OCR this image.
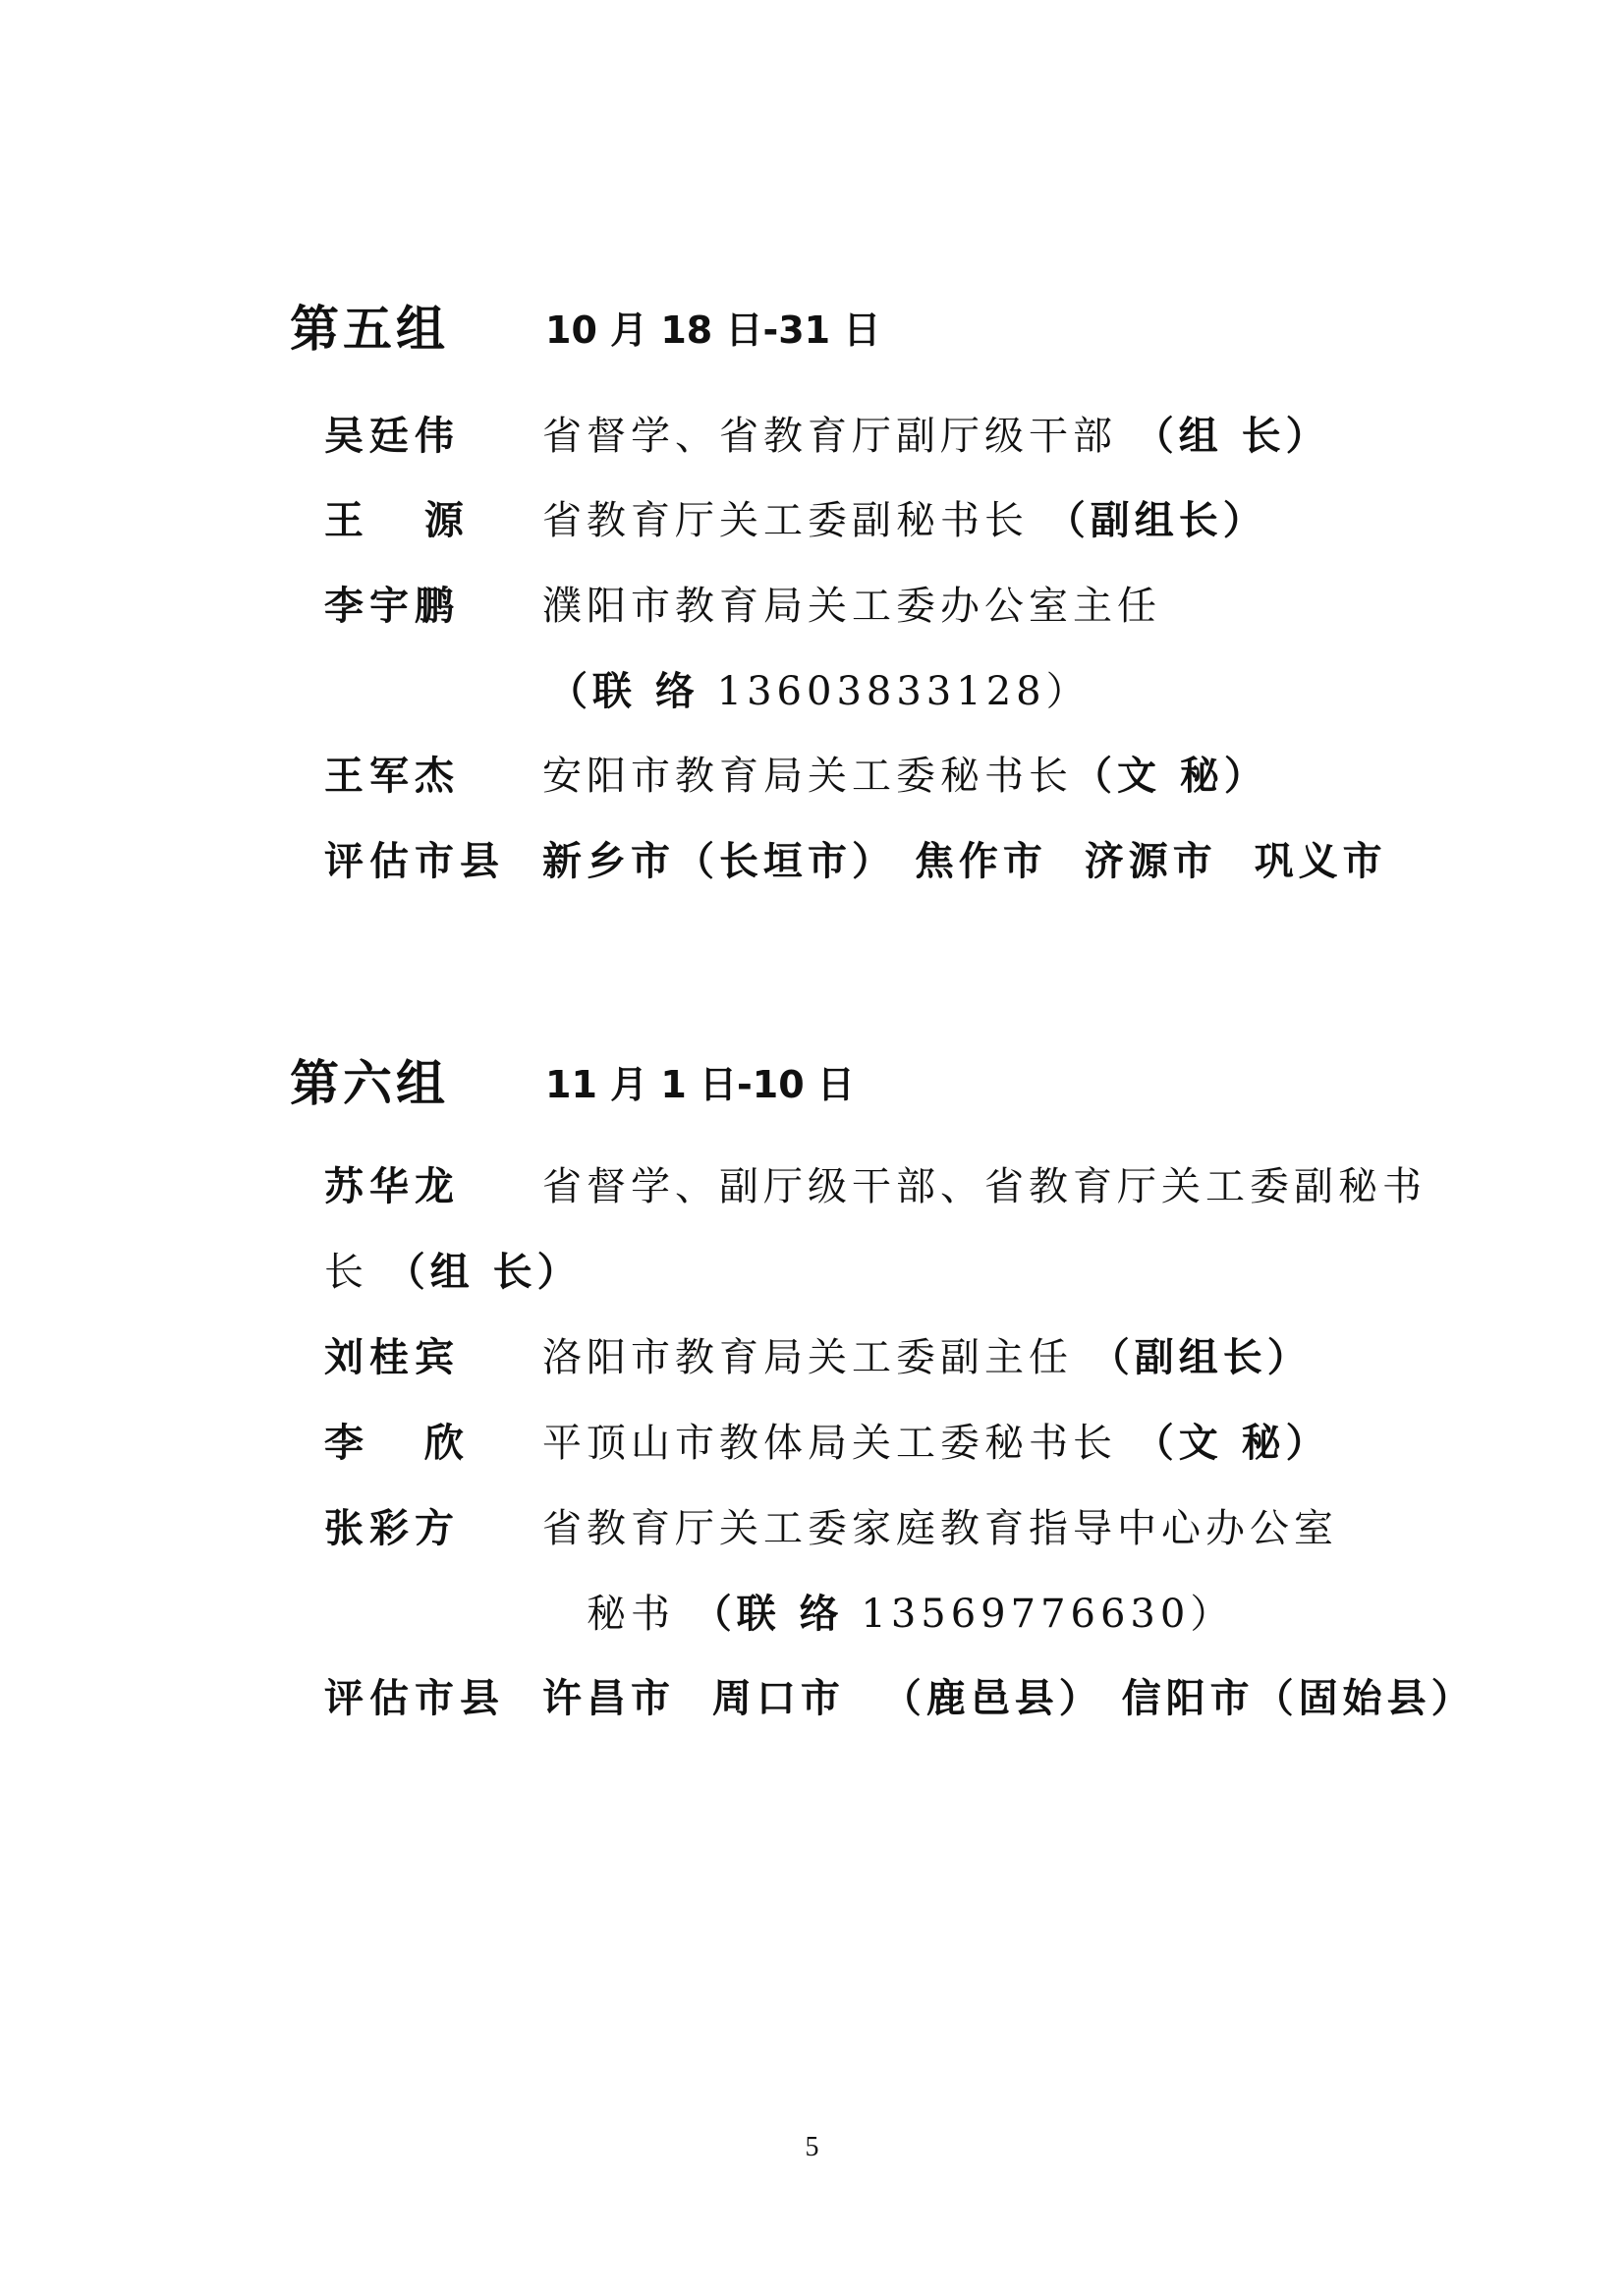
第五组	10 月 18 日-31 日
吴廷伟 省督学、省教育厅副厅级干部 （组 长）
王 源 省教育厅关工委副秘书长 （副组长）
李宇鹏 濮阳市教育局关工委办公室主任
（联 络 13603833128）
王军杰 安阳市教育局关工委秘书长（文 秘）
评估市县 新乡市（长垣市） 焦作市  济源市  巩义市
第六组	11 月 1 日-10 日
苏华龙 省督学、副厅级干部、省教育厅关工委副秘书
长 （组 长）
刘桂宾 洛阳市教育局关工委副主任 （副组长）
李 欣 平顶山市教体局关工委秘书长 （文 秘）
张彩方 省教育厅关工委家庭教育指导中心办公室
秘书 （联 络 13569776630）
评估市县 许昌市  周口市  （鹿邑县） 信阳市（固始县）
5
